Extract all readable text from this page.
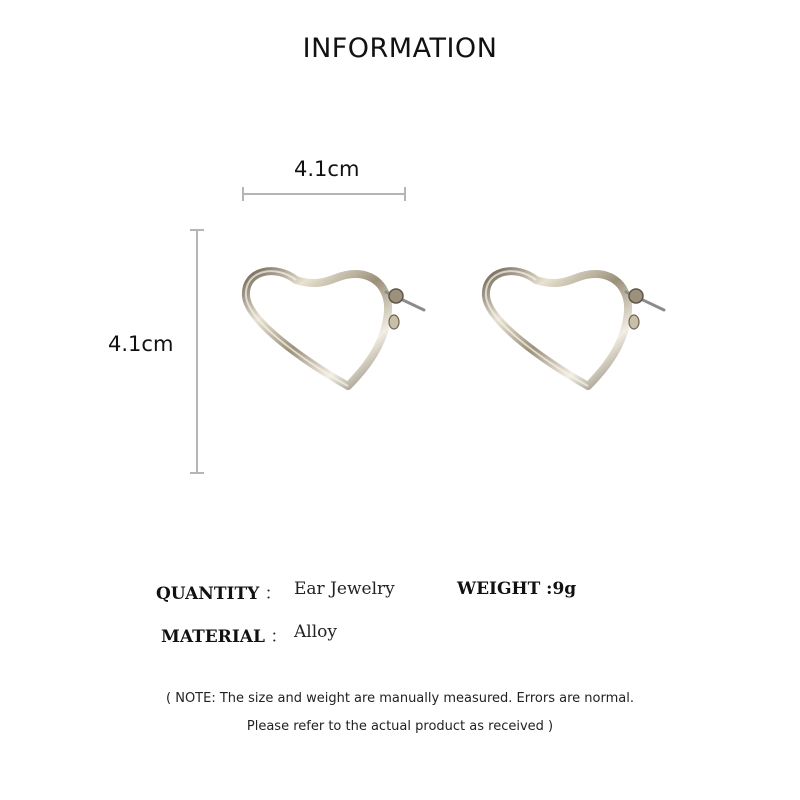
INFORMATION
4.1cm
4.1cm
QUANTITY ： Ear Jewelry	WEIGHT :9g
MATERIAL ： Alloy
( NOTE: The size and weight are manually measured. Errors are normal.
Please refer to the actual product as received )
